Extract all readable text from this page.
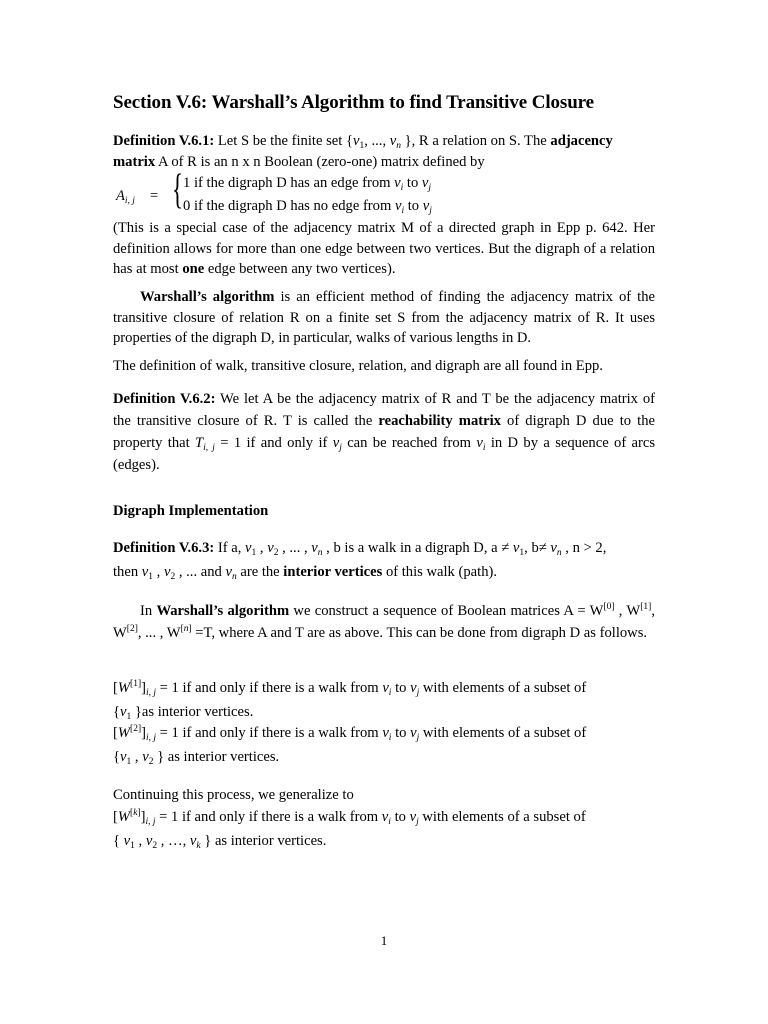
Section V.6: Warshall’s Algorithm to find Transitive Closure
Definition V.6.1: Let S be the finite set {$v_1$, ..., $v_n$ }, R a relation on S. The adjacency matrix A of R is an n x n Boolean (zero-one) matrix defined by
$A_{i, j}$ = { 1 if the digraph D has an edge from $v_i$ to $v_j$
0 if the digraph D has no edge from $v_i$ to $v_j$
(This is a special case of the adjacency matrix M of a directed graph in Epp p. 642. Her definition allows for more than one edge between two vertices. But the digraph of a relation has at most one edge between any two vertices).
Warshall’s algorithm is an efficient method of finding the adjacency matrix of the transitive closure of relation R on a finite set S from the adjacency matrix of R. It uses properties of the digraph D, in particular, walks of various lengths in D.
The definition of walk, transitive closure, relation, and digraph are all found in Epp.
Definition V.6.2: We let A be the adjacency matrix of R and T be the adjacency matrix of the transitive closure of R. T is called the reachability matrix of digraph D due to the property that $T_{i, j} = 1$ if and only if $v_j$ can be reached from $v_i$ in D by a sequence of arcs (edges).
Digraph Implementation
Definition V.6.3: If a, $v_1$ , $v_2$ , ... , $v_n$ , b is a walk in a digraph D, $a \ne v_1$, $b\ne v_n$ , n > 2,
then $v_1$ , $v_2$ , ... and $v_n$ are the interior vertices of this walk (path).
In Warshall’s algorithm we construct a sequence of Boolean matrices A = W[0] , W[1], W[2], ... , W[n] =T, where A and T are as above. This can be done from digraph D as follows.
$[W[1]]_{i, j} = 1$ if and only if there is a walk from $v_i$ to $v_j$ with elements of a subset of
{$v_1$ }as interior vertices.
$[W[2]]_{i, j} = 1$ if and only if there is a walk from $v_i$ to $v_j$ with elements of a subset of
{$v_1$ , $v_2$ } as interior vertices.
Continuing this process, we generalize to
$[W[k]]_{i, j} = 1$ if and only if there is a walk from $v_i$ to $v_j$ with elements of a subset of
{ $v_1$ , $v_2$ , …, $v_k$ } as interior vertices.
1
